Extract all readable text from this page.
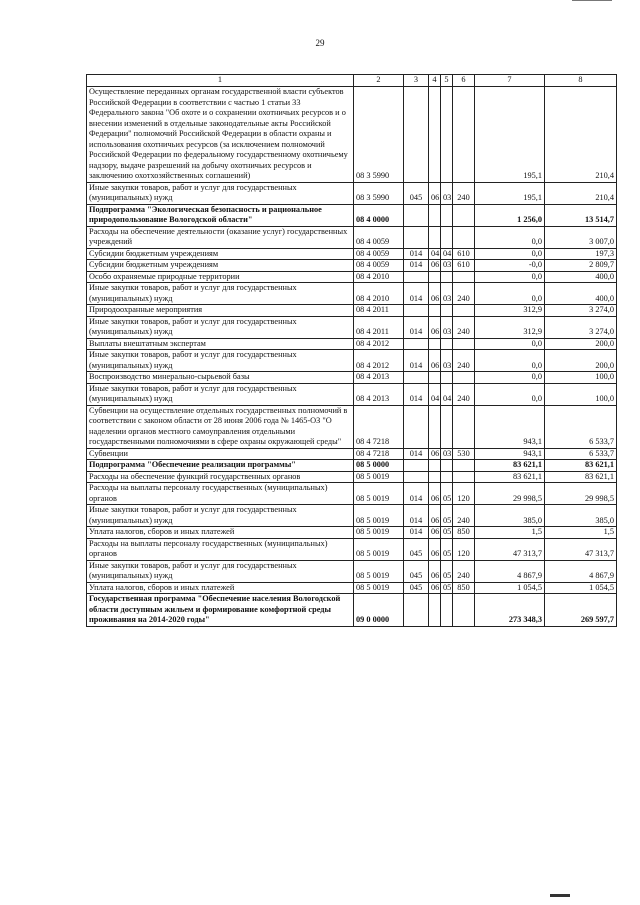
29
1	2	3	4	5	6	7	8
Осуществление переданных органам государственной власти субъектов Российской Федерации в соответствии с частью 1 статьи 33 Федерального закона "Об охоте и о сохранении охотничьих ресурсов и о внесении изменений в отдельные законодательные акты Российской Федерации" полномочий Российской Федерации в области охраны и использования охотничьих ресурсов (за исключением полномочий Российской Федерации по федеральному государственному охотничьему надзору, выдаче разрешений на добычу охотничьих ресурсов и заключению охотхозяйственных соглашений)	08 3 5990					195,1	210,4
Иные закупки товаров, работ и услуг для государственных (муниципальных) нужд	08 3 5990	045	06	03	240	195,1	210,4
Подпрограмма "Экологическая безопасность и рациональное природопользование Вологодской области"	08 4 0000					1 256,0	13 514,7
Расходы на обеспечение деятельности (оказание услуг) государственных учреждений	08 4 0059					0,0	3 007,0
Субсидии бюджетным учреждениям	08 4 0059	014	04	04	610	0,0	197,3
Субсидии бюджетным учреждениям	08 4 0059	014	06	03	610	-0,0	2 809,7
Особо охраняемые природные территории	08 4 2010					0,0	400,0
Иные закупки товаров, работ и услуг для государственных (муниципальных) нужд	08 4 2010	014	06	03	240	0,0	400,0
Природоохранные мероприятия	08 4 2011					312,9	3 274,0
Иные закупки товаров, работ и услуг для государственных (муниципальных) нужд	08 4 2011	014	06	03	240	312,9	3 274,0
Выплаты внештатным экспертам	08 4 2012					0,0	200,0
Иные закупки товаров, работ и услуг для государственных (муниципальных) нужд	08 4 2012	014	06	03	240	0,0	200,0
Воспроизводство минерально-сырьевой базы	08 4 2013					0,0	100,0
Иные закупки товаров, работ и услуг для государственных (муниципальных) нужд	08 4 2013	014	04	04	240	0,0	100,0
Субвенции на осуществление отдельных государственных полномочий в соответствии с законом области от 28 июня 2006 года № 1465-ОЗ "О наделении органов местного самоуправления отдельными государственными полномочиями в сфере охраны окружающей среды"	08 4 7218					943,1	6 533,7
Субвенции	08 4 7218	014	06	03	530	943,1	6 533,7
Подпрограмма "Обеспечение реализации программы"	08 5 0000					83 621,1	83 621,1
Расходы на обеспечение функций государственных органов	08 5 0019					83 621,1	83 621,1
Расходы на выплаты персоналу государственных (муниципальных) органов	08 5 0019	014	06	05	120	29 998,5	29 998,5
Иные закупки товаров, работ и услуг для государственных (муниципальных) нужд	08 5 0019	014	06	05	240	385,0	385,0
Уплата налогов, сборов и иных платежей	08 5 0019	014	06	05	850	1,5	1,5
Расходы на выплаты персоналу государственных (муниципальных) органов	08 5 0019	045	06	05	120	47 313,7	47 313,7
Иные закупки товаров, работ и услуг для государственных (муниципальных) нужд	08 5 0019	045	06	05	240	4 867,9	4 867,9
Уплата налогов, сборов и иных платежей	08 5 0019	045	06	05	850	1 054,5	1 054,5
Государственная программа "Обеспечение населения Вологодской области доступным жильем и формирование комфортной среды проживания на 2014-2020 годы"	09 0 0000					273 348,3	269 597,7
